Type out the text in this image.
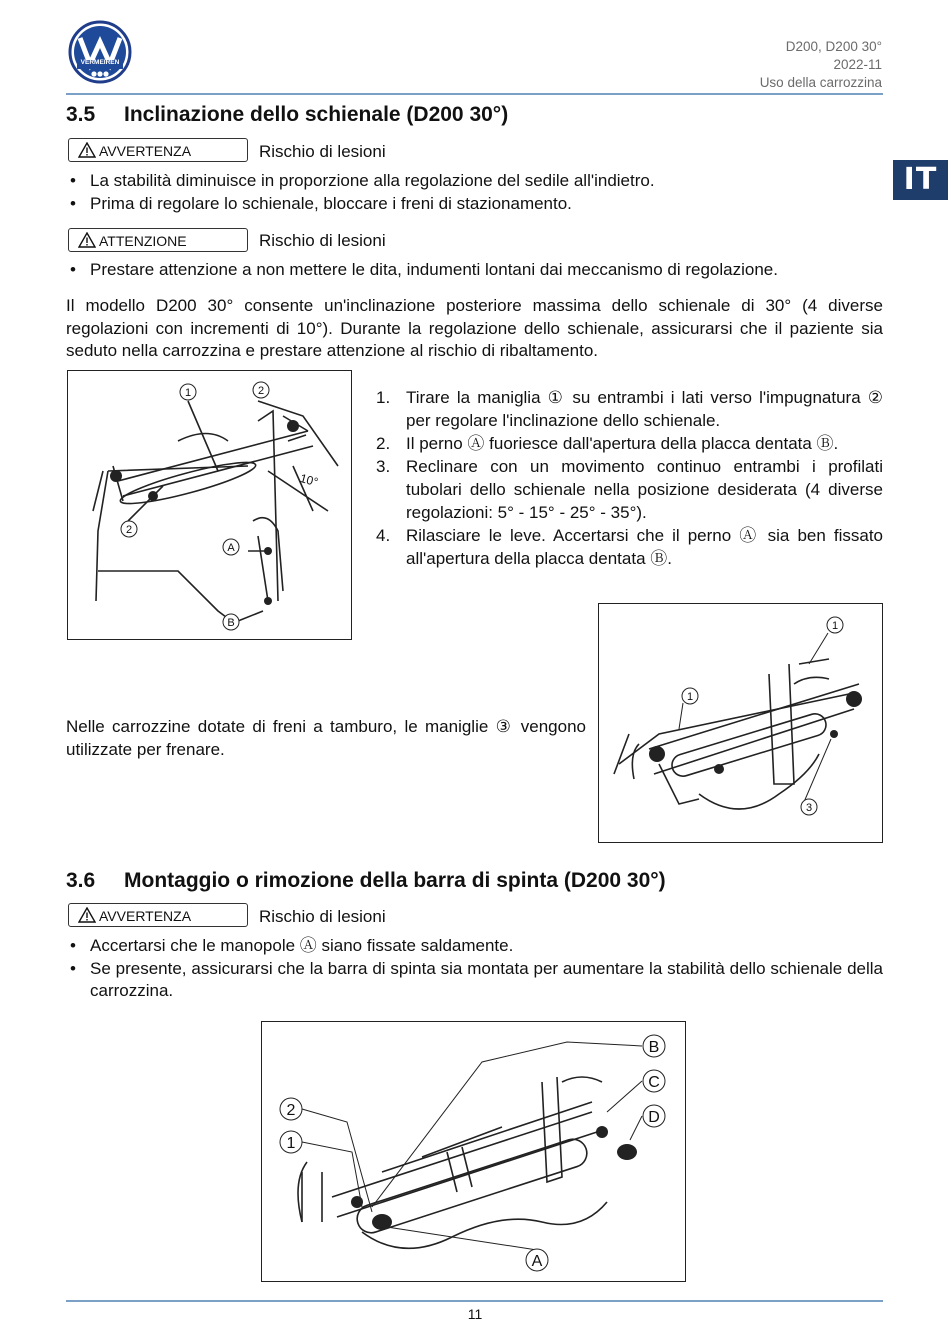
VERMEIREN
D200, D200 30°
2022-11
Uso della carrozzina
IT
3.5 Inclinazione dello schienale (D200 30°)
AVVERTENZA	Rischio di lesioni
• La stabilità diminuisce in proporzione alla regolazione del sedile all'indietro.
• Prima di regolare lo schienale, bloccare i freni di stazionamento.
ATTENZIONE	Rischio di lesioni
• Prestare attenzione a non mettere le dita, indumenti lontani dai meccanismo di regolazione.
Il modello D200 30° consente un'inclinazione posteriore massima dello schienale di 30° (4 diverse regolazioni con incrementi di 10°). Durante la regolazione dello schienale, assicurarsi che il paziente sia seduto nella carrozzina e prestare attenzione al rischio di ribaltamento.
1	2
2
A
B
10°
1. Tirare la maniglia ① su entrambi i lati verso l'impugnatura ② per regolare l'inclinazione dello schienale.
2. Il perno Ⓐ fuoriesce dall'apertura della placca dentata Ⓑ.
3. Reclinare con un movimento continuo entrambi i profilati tubolari dello schienale nella posizione desiderata (4 diverse regolazioni: 5° - 15° - 25° - 35°).
4. Rilasciare le leve. Accertarsi che il perno Ⓐ sia ben fissato all'apertura della placca dentata Ⓑ.
Nelle carrozzine dotate di freni a tamburo, le maniglie ③ vengono utilizzate per frenare.
1
1
3
3.6 Montaggio o rimozione della barra di spinta (D200 30°)
AVVERTENZA	Rischio di lesioni
• Accertarsi che le manopole Ⓐ siano fissate saldamente.
• Se presente, assicurarsi che la barra di spinta sia montata per aumentare la stabilità dello schienale della carrozzina.
B
C
D
2
1
A
11
